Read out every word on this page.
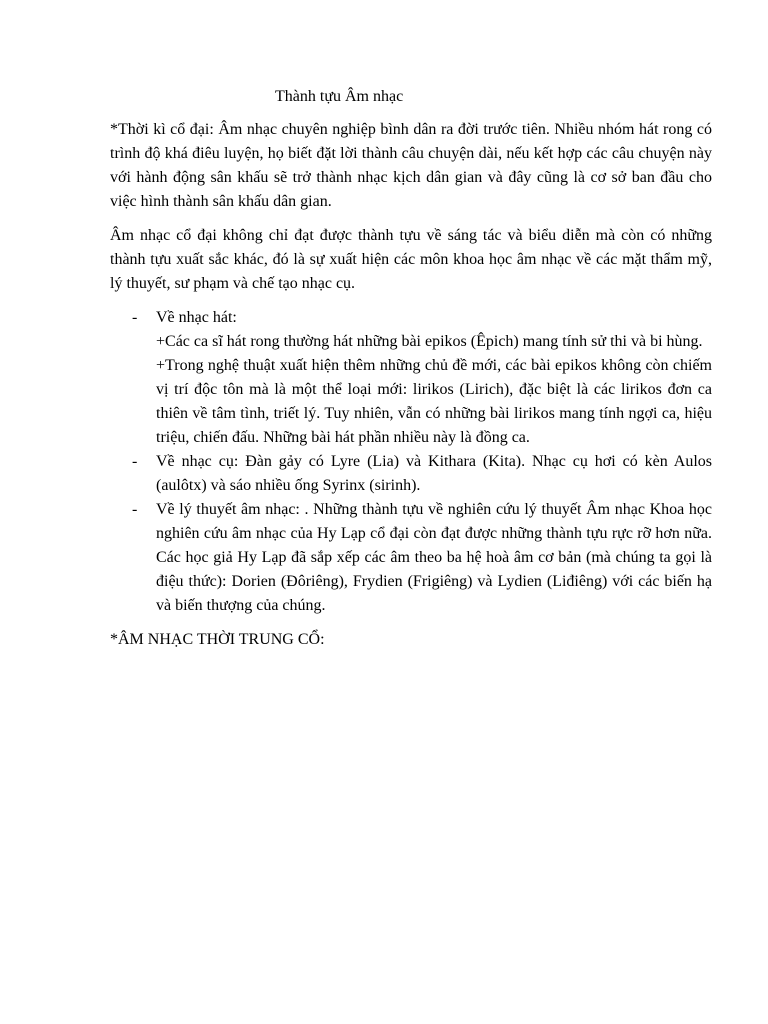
Thành tựu Âm nhạc

*Thời kì cổ đại: Âm nhạc chuyên nghiệp bình dân ra đời trước tiên. Nhiều nhóm hát rong có trình độ khá điêu luyện, họ biết đặt lời thành câu chuyện dài, nếu kết hợp các câu chuyện này với hành động sân khấu sẽ trở thành nhạc kịch dân gian và đây cũng là cơ sở ban đầu cho việc hình thành sân khấu dân gian.

Âm nhạc cổ đại không chỉ đạt được thành tựu về sáng tác và biểu diễn mà còn có những thành tựu xuất sắc khác, đó là sự xuất hiện các môn khoa học âm nhạc về các mặt thẩm mỹ, lý thuyết, sư phạm và chế tạo nhạc cụ.

- Về nhạc hát:
+Các ca sĩ hát rong thường hát những bài epikos (Êpich) mang tính sử thi và bi hùng.
+Trong nghệ thuật xuất hiện thêm những chủ đề mới, các bài epikos không còn chiếm vị trí độc tôn mà là một thể loại mới: lirikos (Lirich), đặc biệt là các lirikos đơn ca thiên về tâm tình, triết lý. Tuy nhiên, vẫn có những bài lirikos mang tính ngợi ca, hiệu triệu, chiến đấu. Những bài hát phần nhiều này là đồng ca.
- Về nhạc cụ: Đàn gảy có Lyre (Lia) và Kithara (Kita). Nhạc cụ hơi có kèn Aulos (aulôtx) và sáo nhiều ống Syrinx (sirinh).
- Về lý thuyết âm nhạc: . Những thành tựu về nghiên cứu lý thuyết Âm nhạc Khoa học nghiên cứu âm nhạc của Hy Lạp cổ đại còn đạt được những thành tựu rực rỡ hơn nữa. Các học giả Hy Lạp đã sắp xếp các âm theo ba hệ hoà âm cơ bản (mà chúng ta gọi là điệu thức): Dorien (Đôriêng), Frydien (Frigiêng) và Lydien (Liđiêng) với các biến hạ và biến thượng của chúng.

*ÂM NHẠC THỜI TRUNG CỔ:
